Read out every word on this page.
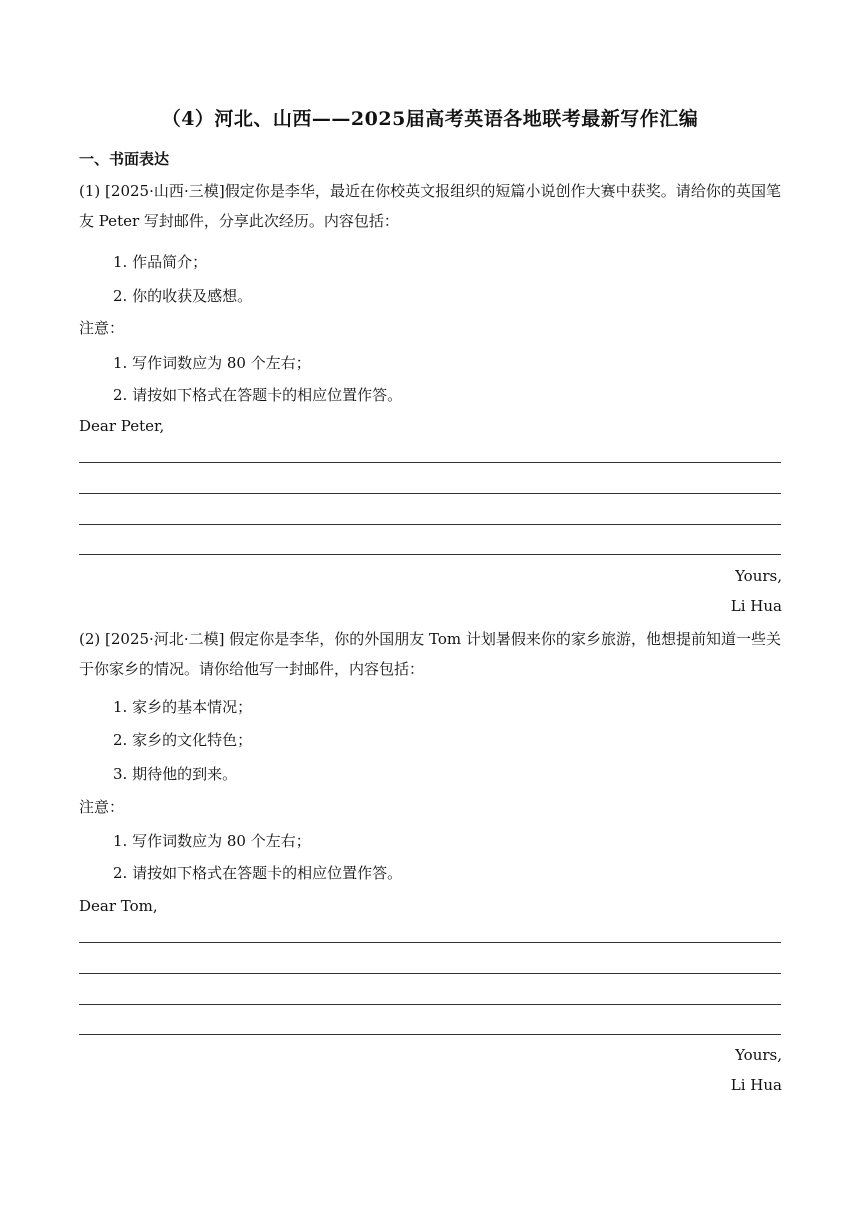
（4）河北、山西——2025届高考英语各地联考最新写作汇编
一、书面表达
(1) [2025·山西·三模]假定你是李华，最近在你校英文报组织的短篇小说创作大赛中获奖。请给你的英国笔友 Peter 写封邮件，分享此次经历。内容包括：
1. 作品简介；
2. 你的收获及感想。
注意：
1. 写作词数应为 80 个左右；
2. 请按如下格式在答题卡的相应位置作答。
Dear Peter,
Yours,
Li Hua
(2) [2025·河北·二模] 假定你是李华，你的外国朋友 Tom 计划暑假来你的家乡旅游，他想提前知道一些关于你家乡的情况。请你给他写一封邮件，内容包括：
1. 家乡的基本情况；
2. 家乡的文化特色；
3. 期待他的到来。
注意：
1. 写作词数应为 80 个左右；
2. 请按如下格式在答题卡的相应位置作答。
Dear Tom,
Yours,
Li Hua
